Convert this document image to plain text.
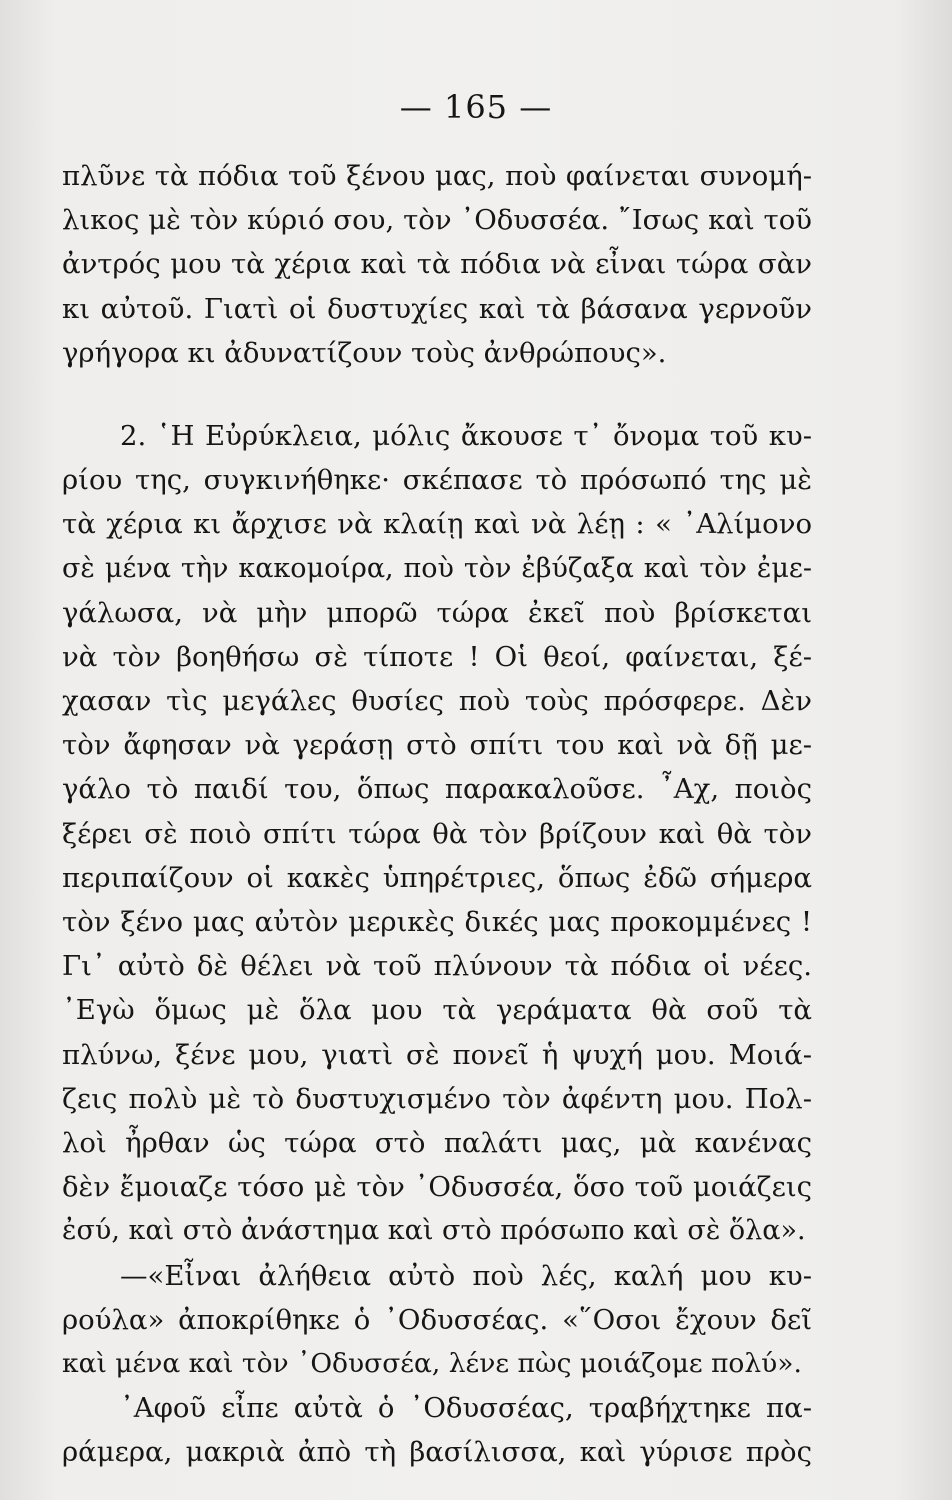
— 165 —
πλῦνε τὰ πόδια τοῦ ξένου μας, ποὺ φαίνεται συνομή-
λικος μὲ τὸν κύριό σου, τὸν ᾿Οδυσσέα. ῎Ισως καὶ τοῦ
ἀντρός μου τὰ χέρια καὶ τὰ πόδια νὰ εἶναι τώρα σὰν
κι αὐτοῦ. Γιατὶ οἱ δυστυχίες καὶ τὰ βάσανα γερνοῦν
γρήγορα κι ἀδυνατίζουν τοὺς ἀνθρώπους».
2. ῾Η Εὐρύκλεια, μόλις ἄκουσε τ᾿ ὄνομα τοῦ κυ-
ρίου της, συγκινήθηκε· σκέπασε τὸ πρόσωπό της μὲ
τὰ χέρια κι ἄρχισε νὰ κλαίῃ καὶ νὰ λέῃ : « ᾿Αλίμονο
σὲ μένα τὴν κακομοίρα, ποὺ τὸν ἐβύζαξα καὶ τὸν ἐμε-
γάλωσα, νὰ μὴν μπορῶ τώρα ἐκεῖ ποὺ βρίσκεται
νὰ τὸν βοηθήσω σὲ τίποτε ! Οἱ θεοί, φαίνεται, ξέ-
χασαν τὶς μεγάλες θυσίες ποὺ τοὺς πρόσφερε. Δὲν
τὸν ἄφησαν νὰ γεράσῃ στὸ σπίτι του καὶ νὰ δῇ με-
γάλο τὸ παιδί του, ὅπως παρακαλοῦσε. ῏Αχ, ποιὸς
ξέρει σὲ ποιὸ σπίτι τώρα θὰ τὸν βρίζουν καὶ θὰ τὸν
περιπαίζουν οἱ κακὲς ὑπηρέτριες, ὅπως ἐδῶ σήμερα
τὸν ξένο μας αὐτὸν μερικὲς δικές μας προκομμένες !
Γι᾿ αὐτὸ δὲ θέλει νὰ τοῦ πλύνουν τὰ πόδια οἱ νέες.
᾿Εγὼ ὅμως μὲ ὅλα μου τὰ γεράματα θὰ σοῦ τὰ
πλύνω, ξένε μου, γιατὶ σὲ πονεῖ ἡ ψυχή μου. Μοιά-
ζεις πολὺ μὲ τὸ δυστυχισμένο τὸν ἀφέντη μου. Πολ-
λοὶ ἦρθαν ὡς τώρα στὸ παλάτι μας, μὰ κανένας
δὲν ἔμοιαζε τόσο μὲ τὸν ᾿Οδυσσέα, ὅσο τοῦ μοιάζεις
ἐσύ, καὶ στὸ ἀνάστημα καὶ στὸ πρόσωπο καὶ σὲ ὅλα».
—«Εἶναι ἀλήθεια αὐτὸ ποὺ λές, καλή μου κυ-
ρούλα» ἀποκρίθηκε ὁ ᾿Οδυσσέας. «῞Οσοι ἔχουν δεῖ
καὶ μένα καὶ τὸν ᾿Οδυσσέα, λένε πὼς μοιάζομε πολύ».
᾿Αφοῦ εἶπε αὐτὰ ὁ ᾿Οδυσσέας, τραβήχτηκε πα-
ράμερα, μακριὰ ἀπὸ τὴ βασίλισσα, καὶ γύρισε πρὸς
